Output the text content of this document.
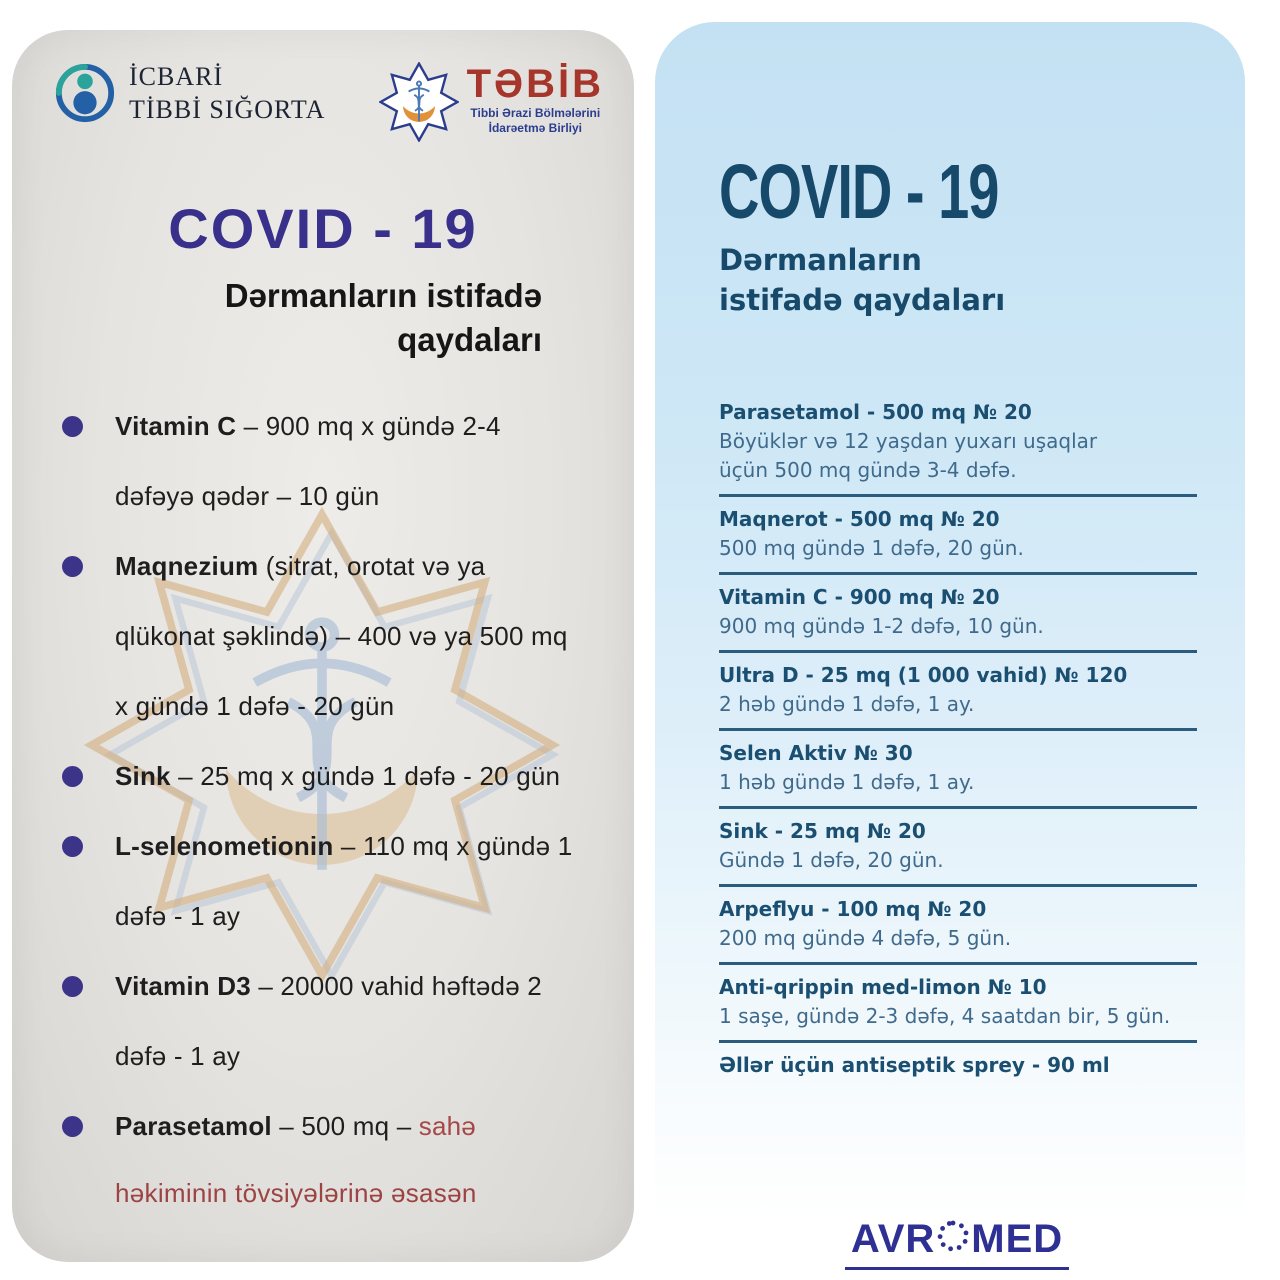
İCBARİ
TİBBİ SIĞORTA
TƏBİB
Tibbi Ərazi Bölmələrini
İdarəetmə Birliyi
COVID - 19
Dərmanların istifadə
qaydaları
Vitamin C – 900 mq x gündə 2-4
dəfəyə qədər – 10 gün
Maqnezium (sitrat, orotat və ya
qlükonat şəklində) – 400 və ya 500 mq
x gündə 1 dəfə - 20 gün
Sink – 25 mq x gündə 1 dəfə - 20 gün
L-selenometionin – 110 mq x gündə 1
dəfə - 1 ay
Vitamin D3 – 20000 vahid həftədə 2
dəfə - 1 ay
Parasetamol – 500 mq – sahə
həkiminin tövsiyələrinə əsasən
COVID - 19
Dərmanların
istifadə qaydaları
Parasetamol - 500 mq № 20
Böyüklər və 12 yaşdan yuxarı uşaqlar
üçün 500 mq gündə 3-4 dəfə.
Maqnerot - 500 mq № 20
500 mq gündə 1 dəfə, 20 gün.
Vitamin C - 900 mq № 20
900 mq gündə 1-2 dəfə, 10 gün.
Ultra D - 25 mq (1 000 vahid) № 120
2 həb gündə 1 dəfə, 1 ay.
Selen Aktiv № 30
1 həb gündə 1 dəfə, 1 ay.
Sink - 25 mq № 20
Gündə 1 dəfə, 20 gün.
Arpeflyu - 100 mq № 20
200 mq gündə 4 dəfə, 5 gün.
Anti-qrippin med-limon № 10
1 saşe, gündə 2-3 dəfə, 4 saatdan bir, 5 gün.
Əllər üçün antiseptik sprey - 90 ml
AVR MED
